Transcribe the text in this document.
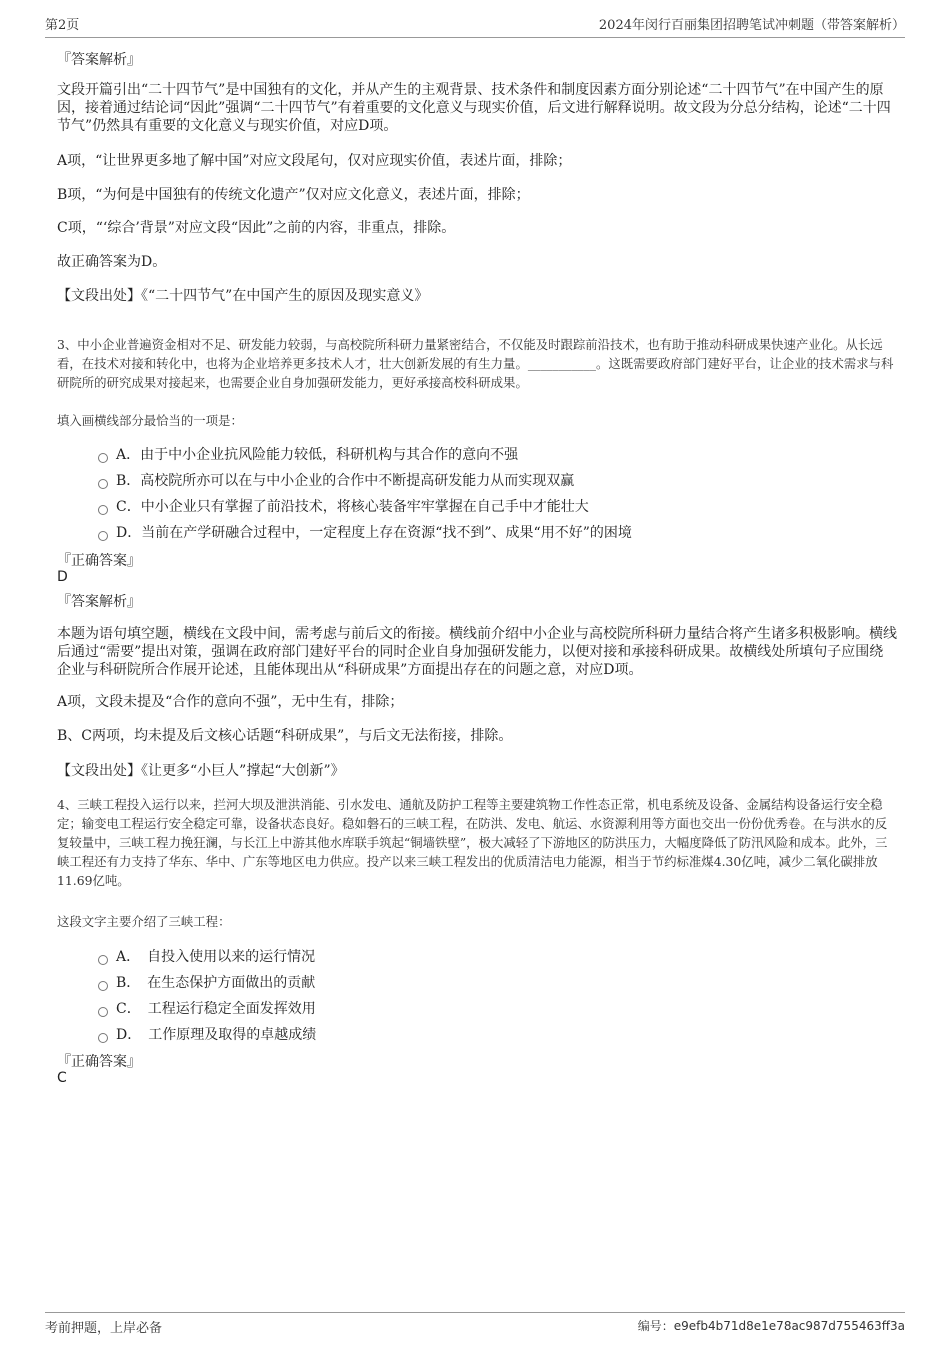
第2页	2024年闵行百丽集团招聘笔试冲刺题（带答案解析）
『答案解析』

文段开篇引出“二十四节气”是中国独有的文化，并从产生的主观背景、技术条件和制度因素方面分别论述“二十四节气”在中国产生的原因，接着通过结论词“因此”强调“二十四节气”有着重要的文化意义与现实价值，后文进行解释说明。故文段为分总分结构，论述“二十四节气”仍然具有重要的文化意义与现实价值，对应D项。

A项，“让世界更多地了解中国”对应文段尾句，仅对应现实价值，表述片面，排除；

B项，“为何是中国独有的传统文化遗产”仅对应文化意义，表述片面，排除；

C项，“‘综合’背景”对应文段“因此”之前的内容，非重点，排除。

故正确答案为D。

【文段出处】《“二十四节气”在中国产生的原因及现实意义》

3、中小企业普遍资金相对不足、研发能力较弱，与高校院所科研力量紧密结合，不仅能及时跟踪前沿技术，也有助于推动科研成果快速产业化。从长远看，在技术对接和转化中，也将为企业培养更多技术人才，壮大创新发展的有生力量。___________。这既需要政府部门建好平台，让企业的技术需求与科研院所的研究成果对接起来，也需要企业自身加强研发能力，更好承接高校科研成果。

填入画横线部分最恰当的一项是：

A．由于中小企业抗风险能力较低，科研机构与其合作的意向不强
B．高校院所亦可以在与中小企业的合作中不断提高研发能力从而实现双赢
C．中小企业只有掌握了前沿技术，将核心装备牢牢掌握在自己手中才能壮大
D．当前在产学研融合过程中，一定程度上存在资源“找不到”、成果“用不好”的困境
『正确答案』
D
『答案解析』

本题为语句填空题，横线在文段中间，需考虑与前后文的衔接。横线前介绍中小企业与高校院所科研力量结合将产生诸多积极影响。横线后通过“需要”提出对策，强调在政府部门建好平台的同时企业自身加强研发能力，以便对接和承接科研成果。故横线处所填句子应围绕企业与科研院所合作展开论述，且能体现出从“科研成果”方面提出存在的问题之意，对应D项。

A项，文段未提及“合作的意向不强”，无中生有，排除；

B、C两项，均未提及后文核心话题“科研成果”，与后文无法衔接，排除。

【文段出处】《让更多“小巨人”撑起“大创新”》

4、三峡工程投入运行以来，拦河大坝及泄洪消能、引水发电、通航及防护工程等主要建筑物工作性态正常，机电系统及设备、金属结构设备运行安全稳定；输变电工程运行安全稳定可靠，设备状态良好。稳如磐石的三峡工程，在防洪、发电、航运、水资源利用等方面也交出一份份优秀卷。在与洪水的反复较量中，三峡工程力挽狂澜，与长江上中游其他水库联手筑起“铜墙铁壁”，极大减轻了下游地区的防洪压力，大幅度降低了防汛风险和成本。此外，三峡工程还有力支持了华东、华中、广东等地区电力供应。投产以来三峡工程发出的优质清洁电力能源，相当于节约标准煤4.30亿吨，减少二氧化碳排放11.69亿吨。

这段文字主要介绍了三峡工程：

A．　自投入使用以来的运行情况
B．　在生态保护方面做出的贡献
C．　工程运行稳定全面发挥效用
D．　工作原理及取得的卓越成绩
『正确答案』
C
考前押题，上岸必备	编号：e9efb4b71d8e1e78ac987d755463ff3a
